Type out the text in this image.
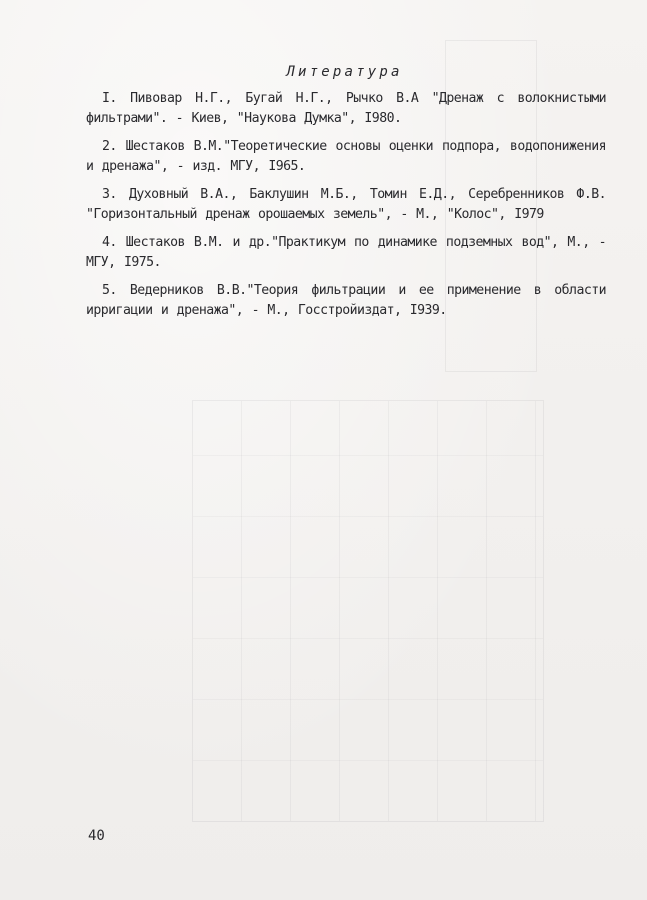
Литература
I. Пивовар Н.Г., Бугай Н.Г., Рычко В.А "Дренаж с волокнистыми фильтрами". - Киев, "Наукова Думка", I980.
2. Шестаков В.М."Теоретические основы оценки подпора, водопонижения и дренажа", - изд. МГУ, I965.
3. Духовный В.А., Баклушин М.Б., Томин Е.Д., Серебренников Ф.В. "Горизонтальный дренаж орошаемых земель", - М., "Колос", I979
4. Шестаков В.М. и др."Практикум по динамике подземных вод", М., - МГУ, I975.
5. Ведерников В.В."Теория фильтрации и ее применение в области ирригации и дренажа", - М., Госстройиздат, I939.
40
